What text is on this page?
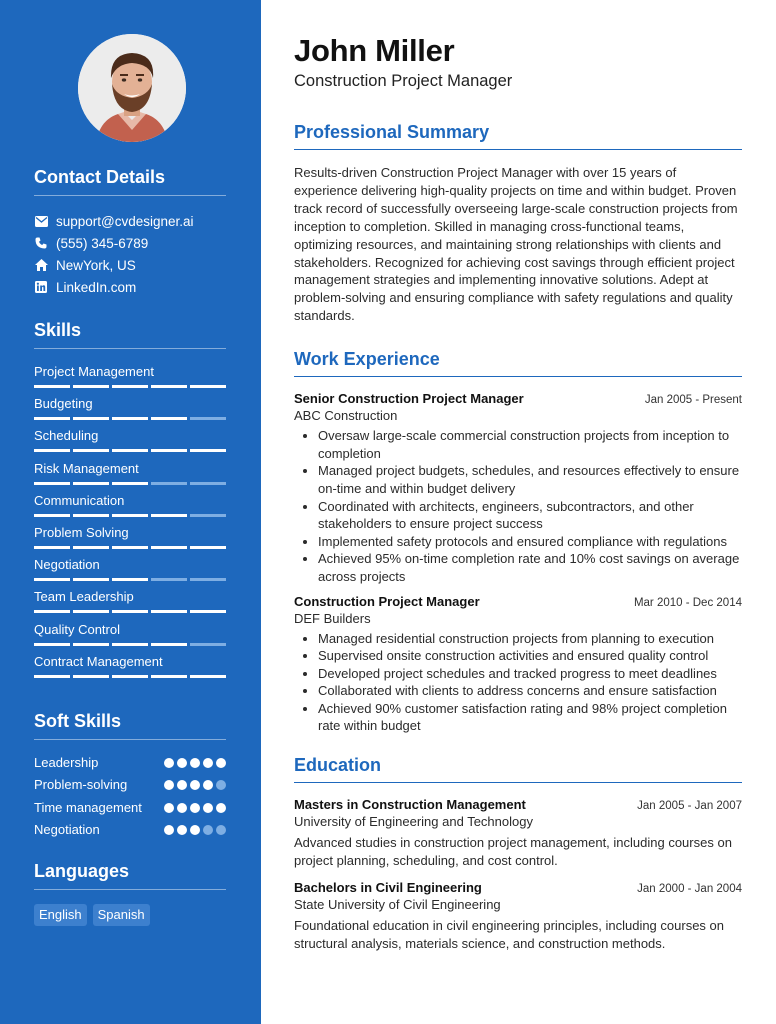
Contact Details
support@cvdesigner.ai
(555) 345-6789
NewYork, US
LinkedIn.com
Skills
Project Management
Budgeting
Scheduling
Risk Management
Communication
Problem Solving
Negotiation
Team Leadership
Quality Control
Contract Management
Soft Skills
Leadership
Problem-solving
Time management
Negotiation
Languages
English	Spanish
John Miller
Construction Project Manager
Professional Summary

Results-driven Construction Project Manager with over 15 years of experience delivering high-quality projects on time and within budget. Proven track record of successfully overseeing large-scale construction projects from inception to completion. Skilled in managing cross-functional teams, optimizing resources, and maintaining strong relationships with clients and stakeholders. Recognized for achieving cost savings through efficient project management strategies and implementing innovative solutions. Adept at problem-solving and ensuring compliance with safety regulations and quality standards.

Work Experience
Senior Construction Project Manager	Jan 2005 - Present
ABC Construction
• Oversaw large-scale commercial construction projects from inception to completion
• Managed project budgets, schedules, and resources effectively to ensure on-time and within budget delivery
• Coordinated with architects, engineers, subcontractors, and other stakeholders to ensure project success
• Implemented safety protocols and ensured compliance with regulations
• Achieved 95% on-time completion rate and 10% cost savings on average across projects
Construction Project Manager	Mar 2010 - Dec 2014
DEF Builders
• Managed residential construction projects from planning to execution
• Supervised onsite construction activities and ensured quality control
• Developed project schedules and tracked progress to meet deadlines
• Collaborated with clients to address concerns and ensure satisfaction
• Achieved 90% customer satisfaction rating and 98% project completion rate within budget
Education
Masters in Construction Management	Jan 2005 - Jan 2007
University of Engineering and Technology

Advanced studies in construction project management, including courses on project planning, scheduling, and cost control.

Bachelors in Civil Engineering	Jan 2000 - Jan 2004
State University of Civil Engineering

Foundational education in civil engineering principles, including courses on structural analysis, materials science, and construction methods.
